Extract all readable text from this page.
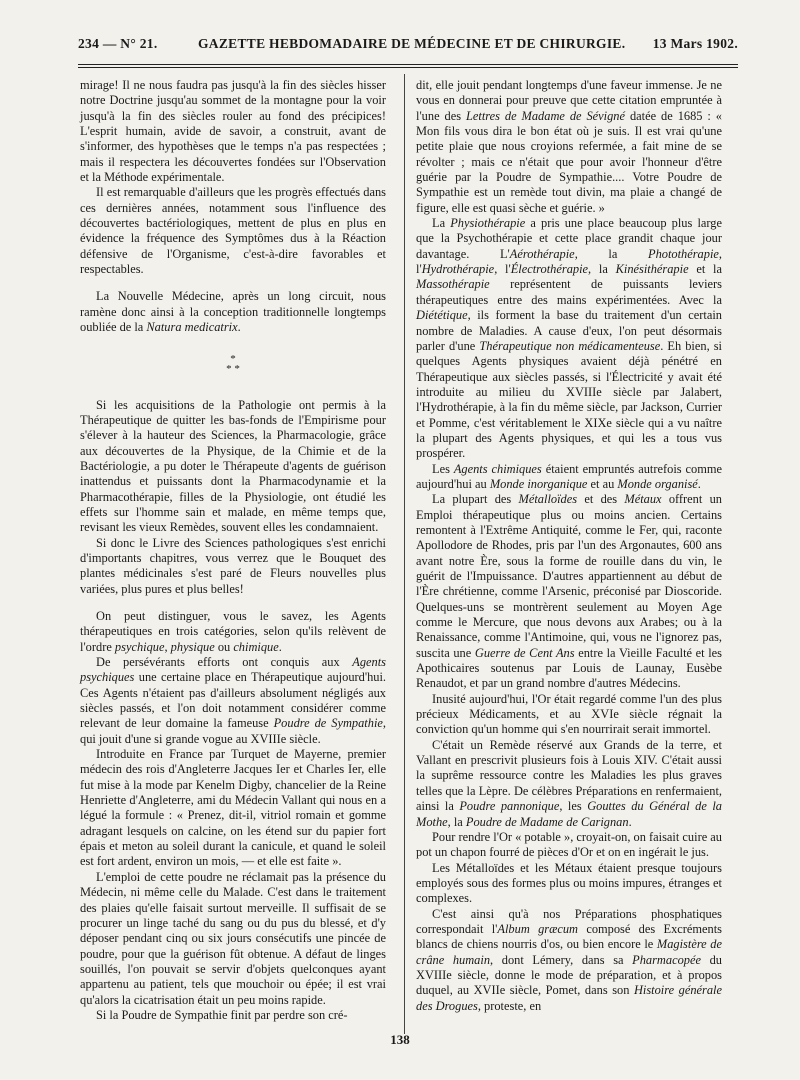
234 — N° 21.	GAZETTE HEBDOMADAIRE DE MÉDECINE ET DE CHIRURGIE. 13 Mars 1902.

mirage! Il ne nous faudra pas jusqu'à la fin des siècles hisser notre Doctrine jusqu'au sommet de la montagne pour la voir jusqu'à la fin des siècles rouler au fond des précipices! L'esprit humain, avide de savoir, a construit, avant de s'informer, des hypothèses que le temps n'a pas respectées ; mais il respectera les découvertes fondées sur l'Observation et la Méthode expérimentale.

Il est remarquable d'ailleurs que les progrès effectués dans ces dernières années, notamment sous l'influence des découvertes bactériologiques, mettent de plus en plus en évidence la fréquence des Symptômes dus à la Réaction défensive de l'Organisme, c'est-à-dire favorables et respectables.

La Nouvelle Médecine, après un long circuit, nous ramène donc ainsi à la conception traditionnelle longtemps oubliée de la Natura medicatrix.

*
* *

Si les acquisitions de la Pathologie ont permis à la Thérapeutique de quitter les bas-fonds de l'Empirisme pour s'élever à la hauteur des Sciences, la Pharmacologie, grâce aux découvertes de la Physique, de la Chimie et de la Bactériologie, a pu doter le Thérapeute d'agents de guérison inattendus et puissants dont la Pharmacodynamie et la Pharmacothérapie, filles de la Physiologie, ont étudié les effets sur l'homme sain et malade, en même temps que, revisant les vieux Remèdes, souvent elles les condamnaient.

Si donc le Livre des Sciences pathologiques s'est enrichi d'importants chapitres, vous verrez que le Bouquet des plantes médicinales s'est paré de Fleurs nouvelles plus variées, plus pures et plus belles!

On peut distinguer, vous le savez, les Agents thérapeutiques en trois catégories, selon qu'ils relèvent de l'ordre psychique, physique ou chimique.

De persévérants efforts ont conquis aux Agents psychiques une certaine place en Thérapeutique aujourd'hui. Ces Agents n'étaient pas d'ailleurs absolument négligés aux siècles passés, et l'on doit notamment considérer comme relevant de leur domaine la fameuse Poudre de Sympathie, qui jouit d'une si grande vogue au XVIIIe siècle.

Introduite en France par Turquet de Mayerne, premier médecin des rois d'Angleterre Jacques Ier et Charles Ier, elle fut mise à la mode par Kenelm Digby, chancelier de la Reine Henriette d'Angleterre, ami du Médecin Vallant qui nous en a légué la formule : « Prenez, dit-il, vitriol romain et gomme adragant lesquels on calcine, on les étend sur du papier fort épais et meton au soleil durant la canicule, et quand le soleil est fort ardent, environ un mois, — et elle est faite ».

L'emploi de cette poudre ne réclamait pas la présence du Médecin, ni même celle du Malade. C'est dans le traitement des plaies qu'elle faisait surtout merveille. Il suffisait de se procurer un linge taché du sang ou du pus du blessé, et d'y déposer pendant cinq ou six jours consécutifs une pincée de poudre, pour que la guérison fût obtenue. A défaut de linges souillés, l'on pouvait se servir d'objets quelconques ayant appartenu au patient, tels que mouchoir ou épée; il est vrai qu'alors la cicatrisation était un peu moins rapide.

Si la Poudre de Sympathie finit par perdre son cré-

dit, elle jouit pendant longtemps d'une faveur immense. Je ne vous en donnerai pour preuve que cette citation empruntée à l'une des Lettres de Madame de Sévigné datée de 1685 : « Mon fils vous dira le bon état où je suis. Il est vrai qu'une petite plaie que nous croyions refermée, a fait mine de se révolter ; mais ce n'était que pour avoir l'honneur d'être guérie par la Poudre de Sympathie.... Votre Poudre de Sympathie est un remède tout divin, ma plaie a changé de figure, elle est quasi sèche et guérie. »

La Physiothérapie a pris une place beaucoup plus large que la Psychothérapie et cette place grandit chaque jour davantage. L'Aérothérapie, la Photothérapie, l'Hydrothérapie, l'Électrothérapie, la Kinésithérapie et la Massothérapie représentent de puissants leviers thérapeutiques entre des mains expérimentées. Avec la Diététique, ils forment la base du traitement d'un certain nombre de Maladies. A cause d'eux, l'on peut désormais parler d'une Thérapeutique non médicamenteuse. Eh bien, si quelques Agents physiques avaient déjà pénétré en Thérapeutique aux siècles passés, si l'Électricité y avait été introduite au milieu du XVIIIe siècle par Jalabert, l'Hydrothérapie, à la fin du même siècle, par Jackson, Currier et Pomme, c'est véritablement le XIXe siècle qui a vu naître la plupart des Agents physiques, et qui les a tous vus prospérer.

Les Agents chimiques étaient empruntés autrefois comme aujourd'hui au Monde inorganique et au Monde organisé.

La plupart des Métalloïdes et des Métaux offrent un Emploi thérapeutique plus ou moins ancien. Certains remontent à l'Extrême Antiquité, comme le Fer, qui, raconte Apollodore de Rhodes, pris par l'un des Argonautes, 600 ans avant notre Ère, sous la forme de rouille dans du vin, le guérit de l'Impuissance. D'autres appartiennent au début de l'Ère chrétienne, comme l'Arsenic, préconisé par Dioscoride. Quelques-uns se montrèrent seulement au Moyen Age comme le Mercure, que nous devons aux Arabes; ou à la Renaissance, comme l'Antimoine, qui, vous ne l'ignorez pas, suscita une Guerre de Cent Ans entre la Vieille Faculté et les Apothicaires soutenus par Louis de Launay, Eusèbe Renaudot, et par un grand nombre d'autres Médecins.

Inusité aujourd'hui, l'Or était regardé comme l'un des plus précieux Médicaments, et au XVIe siècle régnait la conviction qu'un homme qui s'en nourrirait serait immortel.

C'était un Remède réservé aux Grands de la terre, et Vallant en prescrivit plusieurs fois à Louis XIV. C'était aussi la suprême ressource contre les Maladies les plus graves telles que la Lèpre. De célèbres Préparations en renfermaient, ainsi la Poudre pannonique, les Gouttes du Général de la Mothe, la Poudre de Madame de Carignan.

Pour rendre l'Or « potable », croyait-on, on faisait cuire au pot un chapon fourré de pièces d'Or et on en ingérait le jus.

Les Métalloïdes et les Métaux étaient presque toujours employés sous des formes plus ou moins impures, étranges et complexes.

C'est ainsi qu'à nos Préparations phosphatiques correspondait l'Album græcum composé des Excréments blancs de chiens nourris d'os, ou bien encore le Magistère de crâne humain, dont Lémery, dans sa Pharmacopée du XVIIIe siècle, donne le mode de préparation, et à propos duquel, au XVIIe siècle, Pomet, dans son Histoire générale des Drogues, proteste, en

138
